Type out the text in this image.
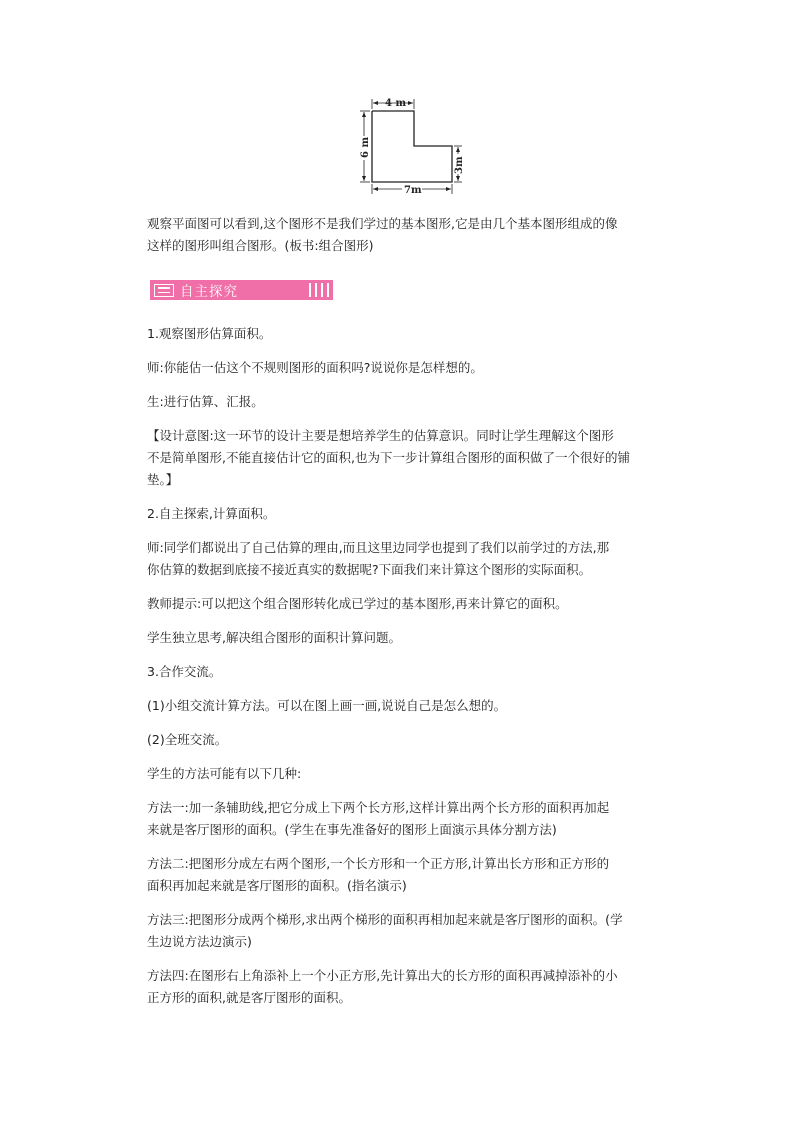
4 m
6 m
3m
7m

观察平面图可以看到,这个图形不是我们学过的基本图形,它是由几个基本图形组成的像

这样的图形叫组合图形。(板书:组合图形)

自主探究

1.观察图形估算面积。

师:你能估一估这个不规则图形的面积吗?说说你是怎样想的。

生:进行估算、汇报。

【设计意图:这一环节的设计主要是想培养学生的估算意识。同时让学生理解这个图形

不是简单图形,不能直接估计它的面积,也为下一步计算组合图形的面积做了一个很好的铺

垫。】

2.自主探索,计算面积。

师:同学们都说出了自己估算的理由,而且这里边同学也提到了我们以前学过的方法,那

你估算的数据到底接不接近真实的数据呢?下面我们来计算这个图形的实际面积。

教师提示:可以把这个组合图形转化成已学过的基本图形,再来计算它的面积。

学生独立思考,解决组合图形的面积计算问题。

3.合作交流。

(1)小组交流计算方法。可以在图上画一画,说说自己是怎么想的。

(2)全班交流。

学生的方法可能有以下几种:

方法一:加一条辅助线,把它分成上下两个长方形,这样计算出两个长方形的面积再加起

来就是客厅图形的面积。(学生在事先准备好的图形上面演示具体分割方法)

方法二:把图形分成左右两个图形,一个长方形和一个正方形,计算出长方形和正方形的

面积再加起来就是客厅图形的面积。(指名演示)

方法三:把图形分成两个梯形,求出两个梯形的面积再相加起来就是客厅图形的面积。(学

生边说方法边演示)

方法四:在图形右上角添补上一个小正方形,先计算出大的长方形的面积再减掉添补的小

正方形的面积,就是客厅图形的面积。
